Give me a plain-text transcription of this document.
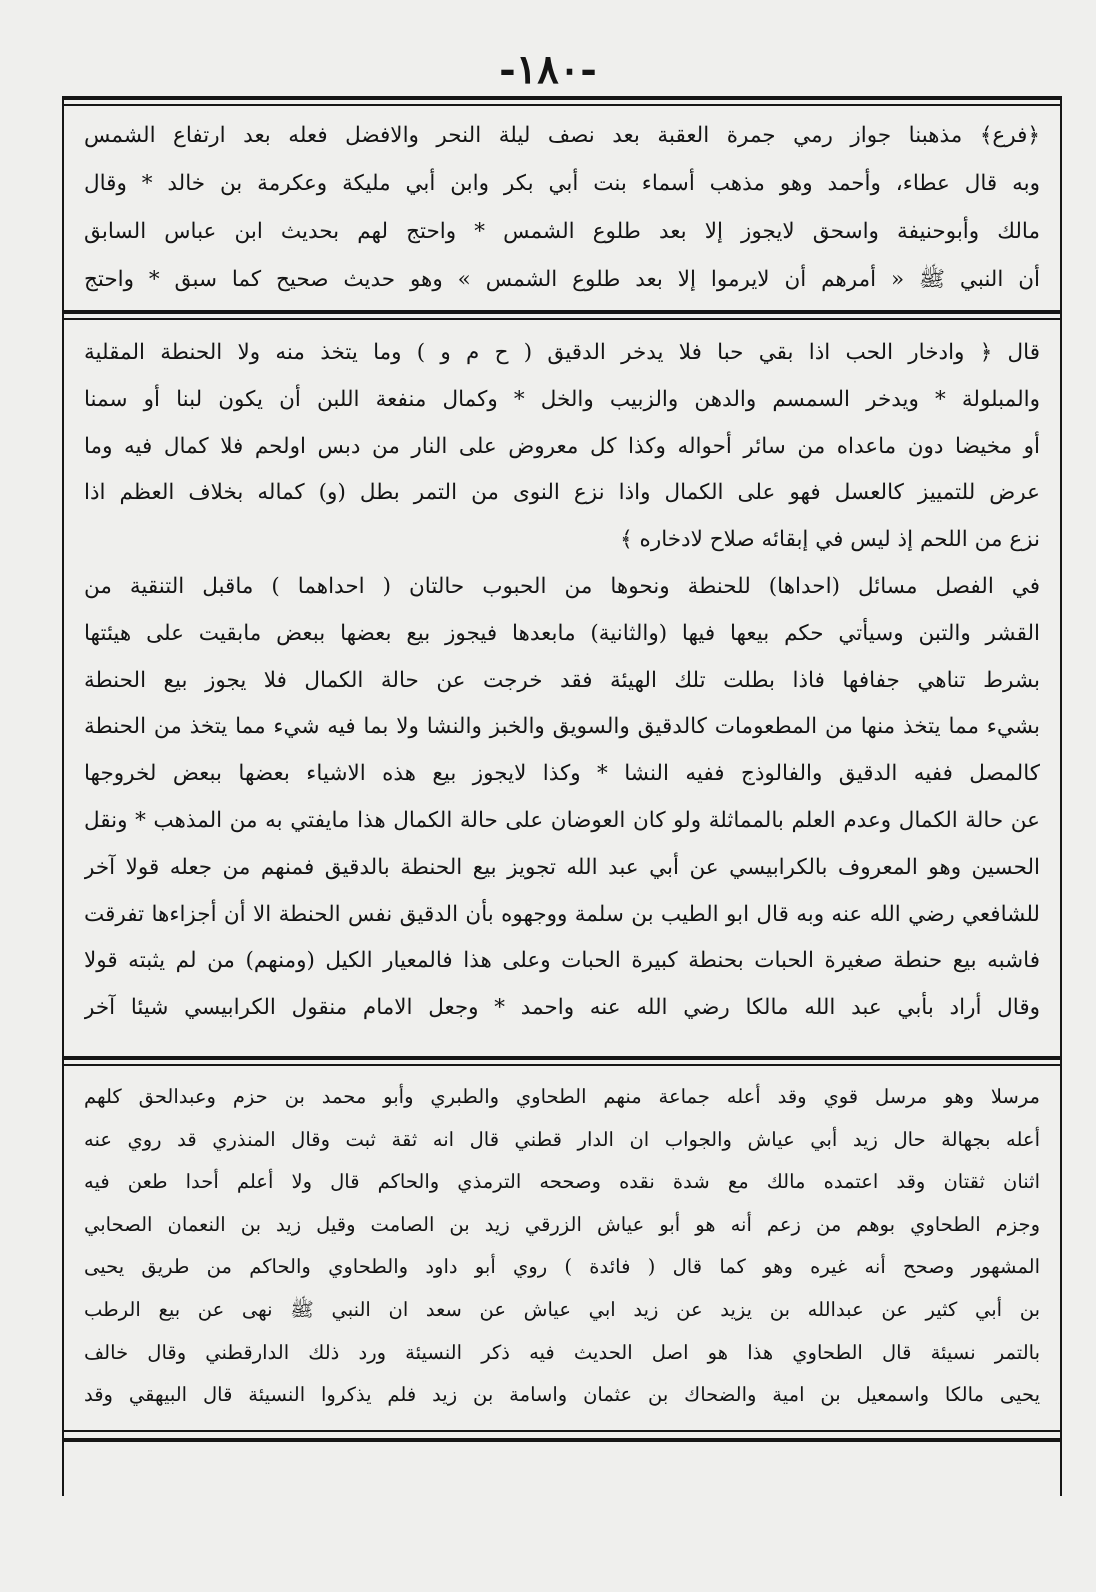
-١٨٠-
﴿فرع﴾ مذهبنا جواز رمي جمرة العقبة بعد نصف ليلة النحر والافضل فعله بعد ارتفاع الشمس
وبه قال عطاء، وأحمد وهو مذهب أسماء بنت أبي بكر وابن أبي مليكة وعكرمة بن خالد * وقال
مالك وأبوحنيفة واسحق لايجوز إلا بعد طلوع الشمس * واحتج لهم بحديث ابن عباس السابق
أن النبي ﷺ « أمرهم أن لايرموا إلا بعد طلوع الشمس » وهو حديث صحيح كما سبق * واحتج
قال ﴿ وادخار الحب اذا بقي حبا فلا يدخر الدقيق ( ح م و ) وما يتخذ منه ولا الحنطة المقلية
والمبلولة * ويدخر السمسم والدهن والزبيب والخل * وكمال منفعة اللبن أن يكون لبنا أو سمنا
أو مخيضا دون ماعداه من سائر أحواله وكذا كل معروض على النار من دبس اولحم فلا كمال فيه وما
عرض للتمييز كالعسل فهو على الكمال واذا نزع النوى من التمر بطل (و) كماله بخلاف العظم اذا
نزع من اللحم إذ ليس في إبقائه صلاح لادخاره ﴾
في الفصل مسائل (احداها) للحنطة ونحوها من الحبوب حالتان ( احداهما ) ماقبل التنقية من
القشر والتبن وسيأتي حكم بيعها فيها (والثانية) مابعدها فيجوز بيع بعضها ببعض مابقيت على هيئتها
بشرط تناهي جفافها فاذا بطلت تلك الهيئة فقد خرجت عن حالة الكمال فلا يجوز بيع الحنطة
بشيء مما يتخذ منها من المطعومات كالدقيق والسويق والخبز والنشا ولا بما فيه شيء مما يتخذ من الحنطة
كالمصل ففيه الدقيق والفالوذج ففيه النشا * وكذا لايجوز بيع هذه الاشياء بعضها ببعض لخروجها
عن حالة الكمال وعدم العلم بالمماثلة ولو كان العوضان على حالة الكمال هذا مايفتي به من المذهب * ونقل
الحسين وهو المعروف بالكرابيسي عن أبي عبد الله تجويز بيع الحنطة بالدقيق فمنهم من جعله قولا آخر
للشافعي رضي الله عنه وبه قال ابو الطيب بن سلمة ووجهوه بأن الدقيق نفس الحنطة الا أن أجزاءها تفرقت
فاشبه بيع حنطة صغيرة الحبات بحنطة كبيرة الحبات وعلى هذا فالمعيار الكيل (ومنهم) من لم يثبته قولا
وقال أراد بأبي عبد الله مالكا رضي الله عنه واحمد * وجعل الامام منقول الكرابيسي شيئا آخر
مرسلا وهو مرسل قوي وقد أعله جماعة منهم الطحاوي والطبري وأبو محمد بن حزم وعبدالحق كلهم
أعله بجهالة حال زيد أبي عياش والجواب ان الدار قطني قال انه ثقة ثبت وقال المنذري قد روي عنه
اثنان ثقتان وقد اعتمده مالك مع شدة نقده وصححه الترمذي والحاكم قال ولا أعلم أحدا طعن فيه
وجزم الطحاوي بوهم من زعم أنه هو أبو عياش الزرقي زيد بن الصامت وقيل زيد بن النعمان الصحابي
المشهور وصحح أنه غيره وهو كما قال ( فائدة ) روي أبو داود والطحاوي والحاكم من طريق يحيى
بن أبي كثير عن عبدالله بن يزيد عن زيد ابي عياش عن سعد ان النبي ﷺ نهى عن بيع الرطب
بالتمر نسيئة قال الطحاوي هذا هو اصل الحديث فيه ذكر النسيئة ورد ذلك الدارقطني وقال خالف
يحيى مالكا واسمعيل بن امية والضحاك بن عثمان واسامة بن زيد فلم يذكروا النسيئة قال البيهقي وقد
